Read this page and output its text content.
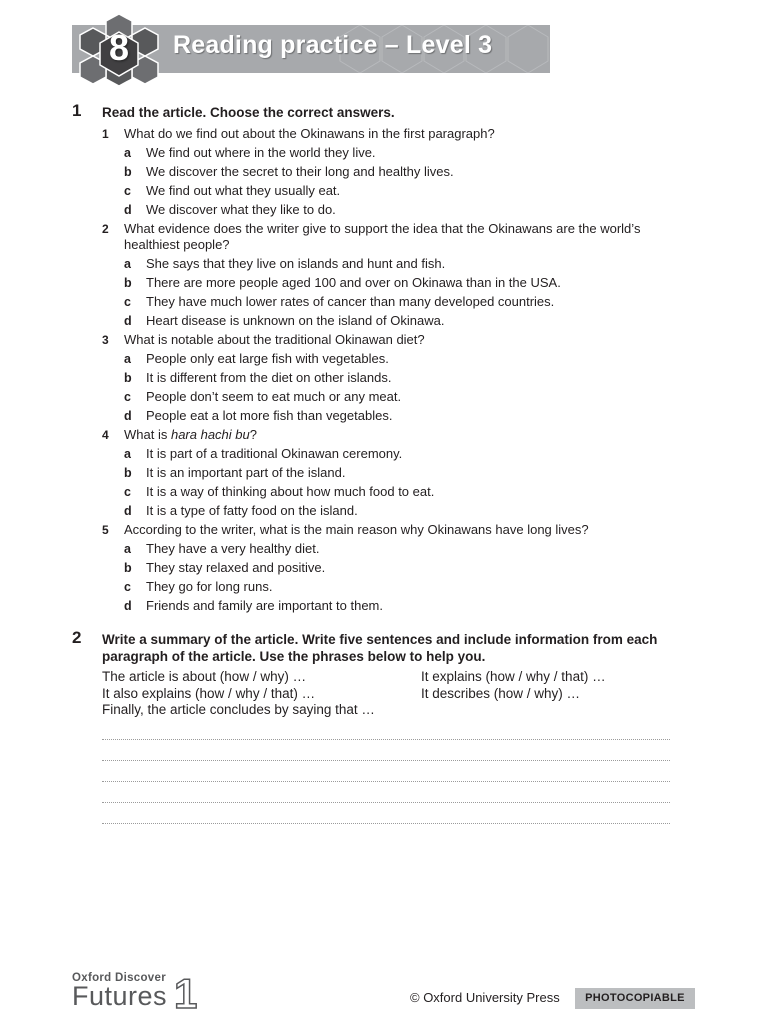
Reading practice – Level 3
8
1 Read the article. Choose the correct answers.
1	What do we find out about the Okinawans in the first paragraph?
a	We find out where in the world they live.
b	We discover the secret to their long and healthy lives.
c	We find out what they usually eat.
d	We discover what they like to do.
2	What evidence does the writer give to support the idea that the Okinawans are the world’s healthiest people?
a	She says that they live on islands and hunt and fish.
b	There are more people aged 100 and over on Okinawa than in the USA.
c	They have much lower rates of cancer than many developed countries.
d	Heart disease is unknown on the island of Okinawa.
3	What is notable about the traditional Okinawan diet?
a	People only eat large fish with vegetables.
b	It is different from the diet on other islands.
c	People don’t seem to eat much or any meat.
d	People eat a lot more fish than vegetables.
4	What is hara hachi bu?
a	It is part of a traditional Okinawan ceremony.
b	It is an important part of the island.
c	It is a way of thinking about how much food to eat.
d	It is a type of fatty food on the island.
5	According to the writer, what is the main reason why Okinawans have long lives?
a	They have a very healthy diet.
b	They stay relaxed and positive.
c	They go for long runs.
d	Friends and family are important to them.
2 Write a summary of the article. Write five sentences and include information from each paragraph of the article. Use the phrases below to help you.
The article is about (how / why) …	It explains (how / why / that) …
It also explains (how / why / that) …	It describes (how / why) …
Finally, the article concludes by saying that …
Oxford Discover
Futures 1	© Oxford University Press	PHOTOCOPIABLE
